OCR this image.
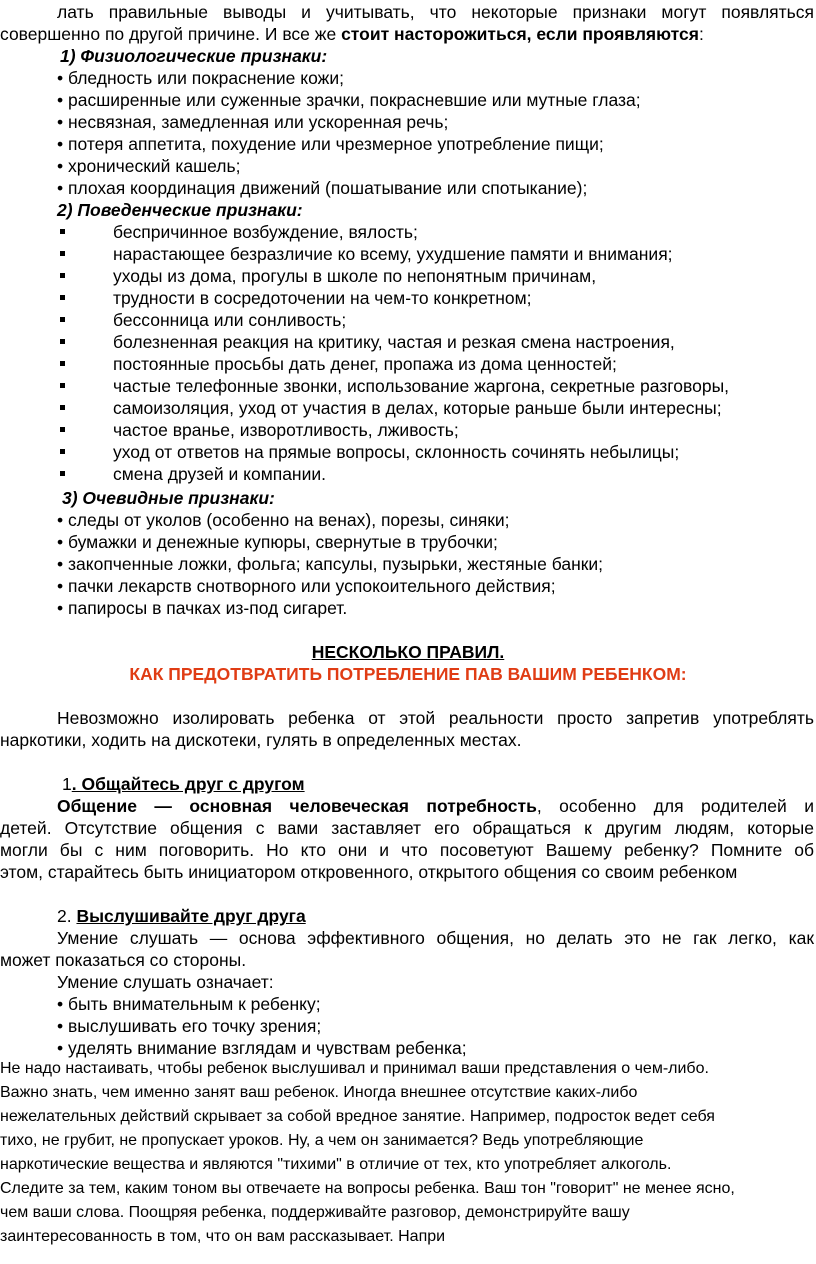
лать правильные выводы и учитывать, что некоторые признаки могут появляться
совершенно по другой причине. И все же стоит насторожиться, если проявляются:
1) Физиологические признаки:
• бледность или покраснение кожи;
• расширенные или суженные зрачки, покрасневшие или мутные глаза;
• несвязная, замедленная или ускоренная речь;
• потеря аппетита, похудение или чрезмерное употребление пищи;
• хронический кашель;
• плохая координация движений (пошатывание или спотыкание);
2) Поведенческие признаки:
беспричинное возбуждение, вялость;
нарастающее безразличие ко всему, ухудшение памяти и внимания;
уходы из дома, прогулы в школе по непонятным причинам,
трудности в сосредоточении на чем-то конкретном;
бессонница или сонливость;
болезненная реакция на критику, частая и резкая смена настроения,
постоянные просьбы дать денег, пропажа из дома ценностей;
частые телефонные звонки, использование жаргона, секретные разговоры,
самоизоляция, уход от участия в делах, которые раньше были интересны;
частое вранье, изворотливость, лживость;
уход от ответов на прямые вопросы, склонность сочинять небылицы;
смена друзей и компании.
3) Очевидные признаки:
• следы от уколов (особенно на венах), порезы, синяки;
• бумажки и денежные купюры, свернутые в трубочки;
• закопченные ложки, фольга; капсулы, пузырьки, жестяные банки;
• пачки лекарств снотворного или успокоительного действия;
• папиросы в пачках из-под сигарет.
НЕСКОЛЬКО ПРАВИЛ.
КАК ПРЕДОТВРАТИТЬ ПОТРЕБЛЕНИЕ ПАВ ВАШИМ РЕБЕНКОМ:
Невозможно изолировать ребенка от этой реальности просто запретив употреблять
наркотики, ходить на дискотеки, гулять в определенных местах.
1. Общайтесь друг с другом
Общение — основная человеческая потребность, особенно для родителей и
детей. Отсутствие общения с вами заставляет его обращаться к другим людям, которые
могли бы с ним поговорить. Но кто они и что посоветуют Вашему ребенку? Помните об
этом, старайтесь быть инициатором откровенного, открытого общения со своим ребенком
2. Выслушивайте друг друга
Умение слушать — основа эффективного общения, но делать это не гак легко, как
может показаться со стороны.
Умение слушать означает:
• быть внимательным к ребенку;
• выслушивать его точку зрения;
• уделять внимание взглядам и чувствам ребенка;
Не надо настаивать, чтобы ребенок выслушивал и принимал ваши представления о чем-либо.
Важно знать, чем именно занят ваш ребенок. Иногда внешнее отсутствие каких-либо
нежелательных действий скрывает за собой вредное занятие. Например, подросток ведет себя
тихо, не грубит, не пропускает уроков. Ну, а чем он занимается? Ведь употребляющие
наркотические вещества и являются "тихими" в отличие от тех, кто употребляет алкоголь.
Следите за тем, каким тоном вы отвечаете на вопросы ребенка. Ваш тон "говорит" не менее ясно,
чем ваши слова. Поощряя ребенка, поддерживайте разговор, демонстрируйте вашу
заинтересованность в том, что он вам рассказывает. Напри
